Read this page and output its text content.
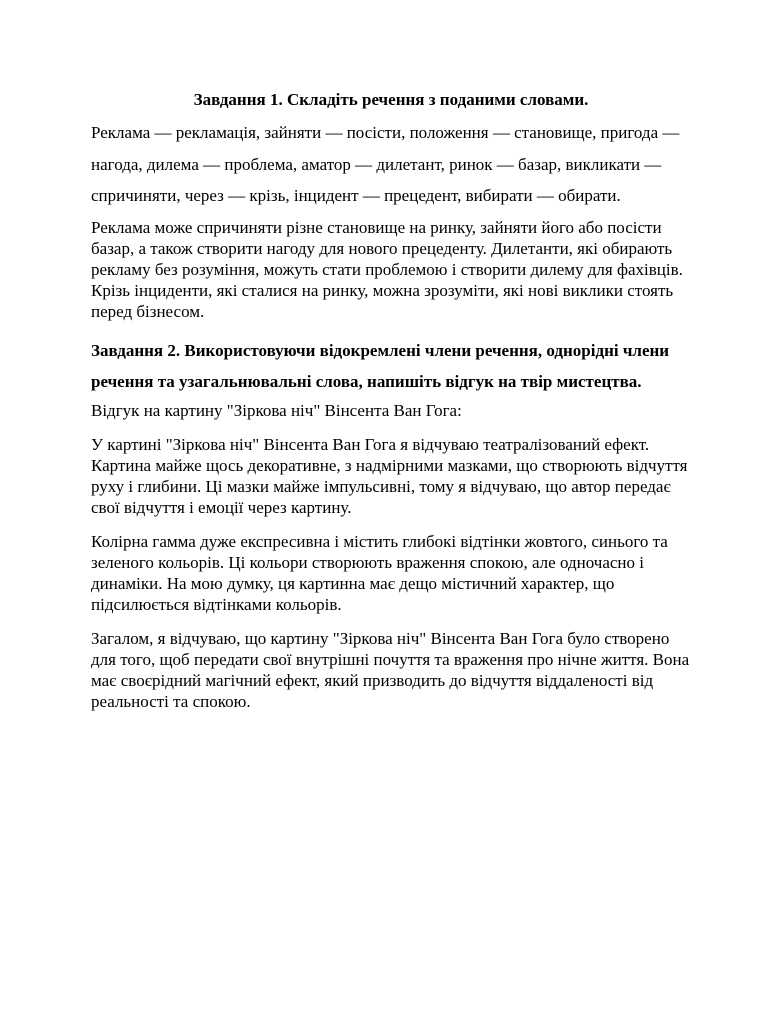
Завдання 1. Складіть речення з поданими словами.

Реклама — рекламація, зайняти — посісти, положення — становище, пригода — нагода, дилема — проблема, аматор — дилетант, ринок — базар, викликати — спричиняти, через — крізь, інцидент — прецедент, вибирати — обирати.

Реклама може спричиняти різне становище на ринку, зайняти його або посісти базар, а також створити нагоду для нового прецеденту. Дилетанти, які обирають рекламу без розуміння, можуть стати проблемою і створити дилему для фахівців. Крізь інциденти, які сталися на ринку, можна зрозуміти, які нові виклики стоять перед бізнесом.

Завдання 2. Використовуючи відокремлені члени речення, однорідні члени речення та узагальнювальні слова, напишіть відгук на твір мистецтва.

Відгук на картину "Зіркова ніч" Вінсента Ван Гога:

У картині "Зіркова ніч" Вінсента Ван Гога я відчуваю театралізований ефект. Картина майже щось декоративне, з надмірними мазками, що створюють відчуття руху і глибини. Ці мазки майже імпульсивні, тому я відчуваю, що автор передає свої відчуття і емоції через картину.

Колірна гамма дуже експресивна і містить глибокі відтінки жовтого, синього та зеленого кольорів. Ці кольори створюють враження спокою, але одночасно і динаміки. На мою думку, ця картинна має дещо містичний характер, що підсилюється відтінками кольорів.

Загалом, я відчуваю, що картину "Зіркова ніч" Вінсента Ван Гога було створено для того, щоб передати свої внутрішні почуття та враження про нічне життя. Вона має своєрідний магічний ефект, який призводить до відчуття віддаленості від реальності та спокою.
